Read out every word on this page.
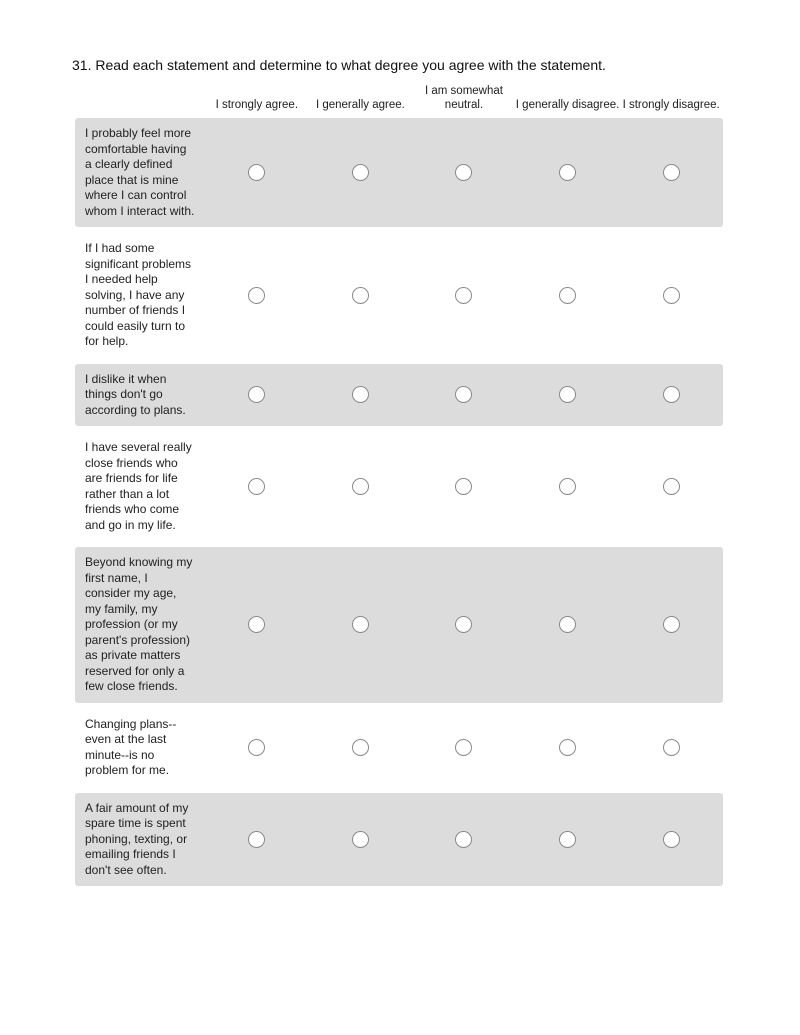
31. Read each statement and determine to what degree you agree with the statement.
I strongly agree. I generally agree.
I am somewhat neutral.	I generally disagree. I strongly disagree.
I probably feel more comfortable having a clearly defined place that is mine where I can control whom I interact with.
If I had some significant problems I needed help solving, I have any number of friends I could easily turn to for help.
I dislike it when things don't go according to plans.
I have several really close friends who are friends for life rather than a lot friends who come and go in my life.
Beyond knowing my first name, I consider my age, my family, my profession (or my parent's profession) as private matters reserved for only a few close friends.
Changing plans--even at the last minute--is no problem for me.
A fair amount of my spare time is spent phoning, texting, or emailing friends I don't see often.
